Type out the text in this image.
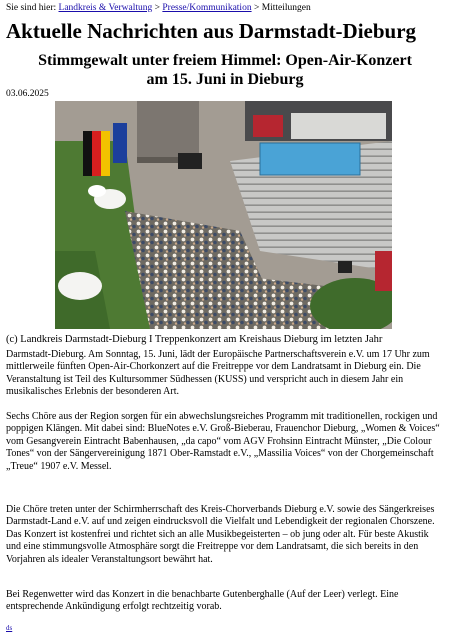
Sie sind hier: Landkreis & Verwaltung > Presse/Kommunikation > Mitteilungen
Aktuelle Nachrichten aus Darmstadt-Dieburg
Stimmgewalt unter freiem Himmel: Open-Air-Konzert
am 15. Juni in Dieburg
03.06.2025
(c) Landkreis Darmstadt-Dieburg I Treppenkonzert am Kreishaus Dieburg im letzten Jahr

Darmstadt-Dieburg. Am Sonntag, 15. Juni, lädt der Europäische Partnerschaftsverein e.V. um 17 Uhr zum mittlerweile fünften Open-Air-Chorkonzert auf die Freitreppe vor dem Landratsamt in Dieburg ein. Die Veranstaltung ist Teil des Kultursommer Südhessen (KUSS) und verspricht auch in diesem Jahr ein musikalisches Erlebnis der besonderen Art.

Sechs Chöre aus der Region sorgen für ein abwechslungsreiches Programm mit traditionellen, rockigen und poppigen Klängen. Mit dabei sind: BlueNotes e.V. Groß-Bieberau, Frauenchor Dieburg, „Women & Voices“ vom Gesangverein Eintracht Babenhausen, „da capo“ vom AGV Frohsinn Eintracht Münster, „Die Colour Tones“ von der Sängervereinigung 1871 Ober-Ramstadt e.V., „Massilia Voices“ von der Chorgemeinschaft „Treue“ 1907 e.V. Messel.

Die Chöre treten unter der Schirmherrschaft des Kreis-Chorverbands Dieburg e.V. sowie des Sängerkreises Darmstadt-Land e.V. auf und zeigen eindrucksvoll die Vielfalt und Lebendigkeit der regionalen Chorszene. Das Konzert ist kostenfrei und richtet sich an alle Musikbegeisterten – ob jung oder alt. Für beste Akustik und eine stimmungsvolle Atmosphäre sorgt die Freitreppe vor dem Landratsamt, die sich bereits in den Vorjahren als idealer Veranstaltungsort bewährt hat.

Bei Regenwetter wird das Konzert in die benachbarte Gutenberghalle (Auf der Leer) verlegt. Eine entsprechende Ankündigung erfolgt rechtzeitig vorab.

ds
